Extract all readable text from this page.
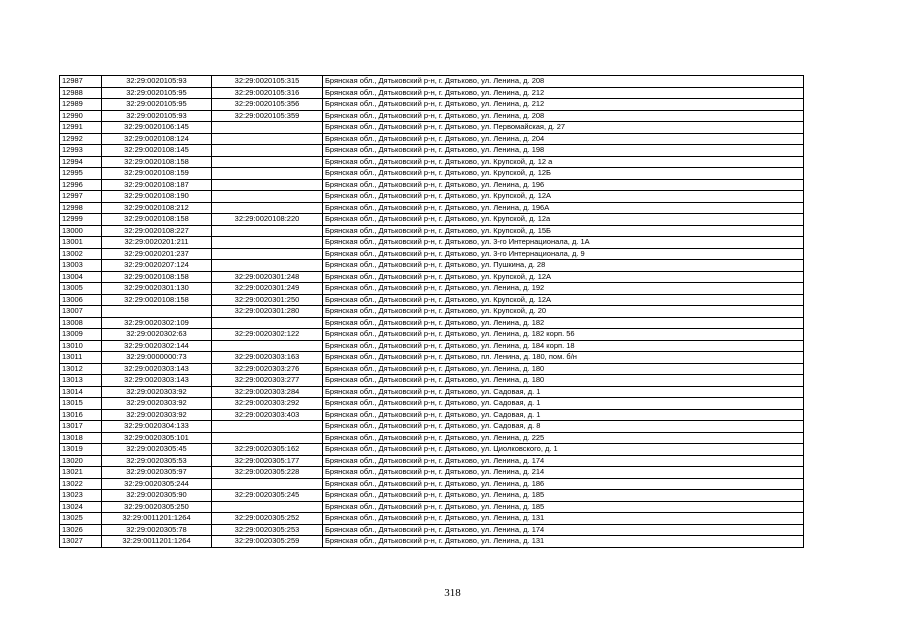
12987	32:29:0020105:93	32:29:0020105:315	Брянская обл., Дятьковский р-н, г. Дятьково, ул. Ленина, д. 208
12988	32:29:0020105:95	32:29:0020105:316	Брянская обл., Дятьковский р-н, г. Дятьково, ул. Ленина, д. 212
12989	32:29:0020105:95	32:29:0020105:356	Брянская обл., Дятьковский р-н, г. Дятьково, ул. Ленина, д. 212
12990	32:29:0020105:93	32:29:0020105:359	Брянская обл., Дятьковский р-н, г. Дятьково, ул. Ленина, д. 208
12991	32:29:0020106:145		Брянская обл., Дятьковский р-н, г. Дятьково, ул. Первомайская, д. 27
12992	32:29:0020108:124		Брянская обл., Дятьковский р-н, г. Дятьково, ул. Ленина, д. 204
12993	32:29:0020108:145		Брянская обл., Дятьковский р-н, г. Дятьково, ул. Ленина, д. 198
12994	32:29:0020108:158		Брянская обл., Дятьковский р-н, г. Дятьково, ул. Крупской, д. 12 а
12995	32:29:0020108:159		Брянская обл., Дятьковский р-н, г. Дятьково, ул. Крупской, д. 12Б
12996	32:29:0020108:187		Брянская обл., Дятьковский р-н, г. Дятьково, ул. Ленина, д. 196
12997	32:29:0020108:190		Брянская обл., Дятьковский р-н, г. Дятьково, ул. Крупской, д. 12А
12998	32:29:0020108:212		Брянская обл., Дятьковский р-н, г. Дятьково, ул. Ленина, д. 196А
12999	32:29:0020108:158	32:29:0020108:220	Брянская обл., Дятьковский р-н, г. Дятьково, ул. Крупской, д. 12а
13000	32:29:0020108:227		Брянская обл., Дятьковский р-н, г. Дятьково, ул. Крупской, д. 15Б
13001	32:29:0020201:211		Брянская обл., Дятьковский р-н, г. Дятьково, ул. 3-го Интернационала, д. 1А
13002	32:29:0020201:237		Брянская обл., Дятьковский р-н, г. Дятьково, ул. 3-го Интернационала, д. 9
13003	32:29:0020207:124		Брянская обл., Дятьковский р-н, г. Дятьково, ул. Пушкина, д. 28
13004	32:29:0020108:158	32:29:0020301:248	Брянская обл., Дятьковский р-н, г. Дятьково, ул. Крупской, д. 12А
13005	32:29:0020301:130	32:29:0020301:249	Брянская обл., Дятьковский р-н, г. Дятьково, ул. Ленина, д. 192
13006	32:29:0020108:158	32:29:0020301:250	Брянская обл., Дятьковский р-н, г. Дятьково, ул. Крупской, д. 12А
13007		32:29:0020301:280	Брянская обл., Дятьковский р-н, г. Дятьково, ул. Крупской, д. 20
13008	32:29:0020302:109		Брянская обл., Дятьковский р-н, г. Дятьково, ул. Ленина, д. 182
13009	32:29:0020302:63	32:29:0020302:122	Брянская обл., Дятьковский р-н, г. Дятьково, ул. Ленина, д. 182 корп. 56
13010	32:29:0020302:144		Брянская обл., Дятьковский р-н, г. Дятьково, ул. Ленина, д. 184 корп. 18
13011	32:29:0000000:73	32:29:0020303:163	Брянская обл., Дятьковский р-н, г. Дятьково, пл. Ленина, д. 180, пом. б/н
13012	32:29:0020303:143	32:29:0020303:276	Брянская обл., Дятьковский р-н, г. Дятьково, ул. Ленина, д. 180
13013	32:29:0020303:143	32:29:0020303:277	Брянская обл., Дятьковский р-н, г. Дятьково, ул. Ленина, д. 180
13014	32:29:0020303:92	32:29:0020303:284	Брянская обл., Дятьковский р-н, г. Дятьково, ул. Садовая, д. 1
13015	32:29:0020303:92	32:29:0020303:292	Брянская обл., Дятьковский р-н, г. Дятьково, ул. Садовая, д. 1
13016	32:29:0020303:92	32:29:0020303:403	Брянская обл., Дятьковский р-н, г. Дятьково, ул. Садовая, д. 1
13017	32:29:0020304:133		Брянская обл., Дятьковский р-н, г. Дятьково, ул. Садовая, д. 8
13018	32:29:0020305:101		Брянская обл., Дятьковский р-н, г. Дятьково, ул. Ленина, д. 225
13019	32:29:0020305:45	32:29:0020305:162	Брянская обл., Дятьковский р-н, г. Дятьково, ул. Циолковского, д. 1
13020	32:29:0020305:53	32:29:0020305:177	Брянская обл., Дятьковский р-н, г. Дятьково, ул. Ленина, д. 174
13021	32:29:0020305:97	32:29:0020305:228	Брянская обл., Дятьковский р-н, г. Дятьково, ул. Ленина, д. 214
13022	32:29:0020305:244		Брянская обл., Дятьковский р-н, г. Дятьково, ул. Ленина, д. 186
13023	32:29:0020305:90	32:29:0020305:245	Брянская обл., Дятьковский р-н, г. Дятьково, ул. Ленина, д. 185
13024	32:29:0020305:250		Брянская обл., Дятьковский р-н, г. Дятьково, ул. Ленина, д. 185
13025	32:29:0011201:1264	32:29:0020305:252	Брянская обл., Дятьковский р-н, г. Дятьково, ул. Ленина, д. 131
13026	32:29:0020305:78	32:29:0020305:253	Брянская обл., Дятьковский р-н, г. Дятьково, ул. Ленина, д. 174
13027	32:29:0011201:1264	32:29:0020305:259	Брянская обл., Дятьковский р-н, г. Дятьково, ул. Ленина, д. 131
318
